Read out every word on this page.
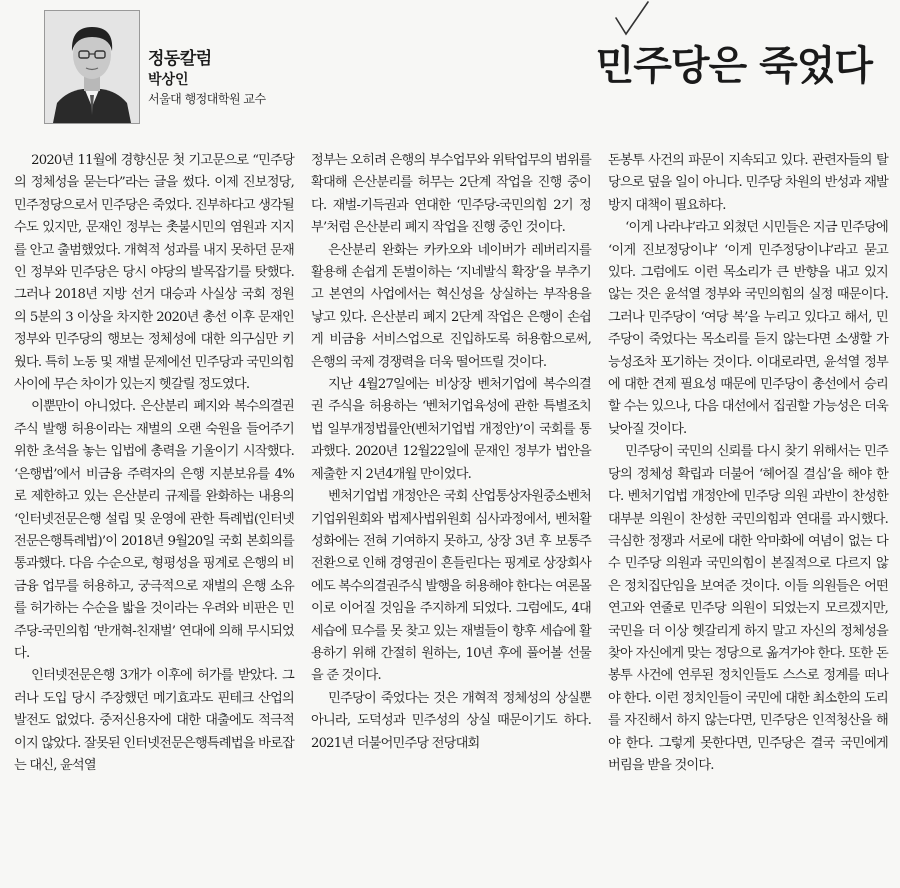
정동칼럼
박상인
서울대 행정대학원 교수
민주당은 죽었다

2020년 11월에 경향신문 첫 기고문으로 “민주당의 정체성을 묻는다”라는 글을 썼다. 이제 진보정당, 민주정당으로서 민주당은 죽었다. 진부하다고 생각될 수도 있지만, 문재인 정부는 촛불시민의 염원과 지지를 안고 출범했었다. 개혁적 성과를 내지 못하던 문재인 정부와 민주당은 당시 야당의 발목잡기를 탓했다. 그러나 2018년 지방 선거 대승과 사실상 국회 정원의 5분의 3 이상을 차지한 2020년 총선 이후 문재인 정부와 민주당의 행보는 정체성에 대한 의구심만 키웠다. 특히 노동 및 재벌 문제에선 민주당과 국민의힘 사이에 무슨 차이가 있는지 헷갈릴 정도였다.

이뿐만이 아니었다. 은산분리 폐지와 복수의결권 주식 발행 허용이라는 재벌의 오랜 숙원을 들어주기 위한 초석을 놓는 입법에 총력을 기울이기 시작했다. ‘은행법’에서 비금융 주력자의 은행 지분보유를 4%로 제한하고 있는 은산분리 규제를 완화하는 내용의 ‘인터넷전문은행 설립 및 운영에 관한 특례법(인터넷전문은행특례법)’이 2018년 9월20일 국회 본회의를 통과했다. 다음 수순으로, 형평성을 핑계로 은행의 비금융 업무를 허용하고, 궁극적으로 재벌의 은행 소유를 허가하는 수순을 밟을 것이라는 우려와 비판은 민주당-국민의힘 ‘반개혁-친재벌’ 연대에 의해 무시되었다.

인터넷전문은행 3개가 이후에 허가를 받았다. 그러나 도입 당시 주장했던 메기효과도 핀테크 산업의 발전도 없었다. 중저신용자에 대한 대출에도 적극적이지 않았다. 잘못된 인터넷전문은행특례법을 바로잡는 대신, 윤석열

정부는 오히려 은행의 부수업무와 위탁업무의 범위를 확대해 은산분리를 허무는 2단계 작업을 진행 중이다. 재벌-기득권과 연대한 ‘민주당-국민의힘 2기 정부’처럼 은산분리 폐지 작업을 진행 중인 것이다.

은산분리 완화는 카카오와 네이버가 레버리지를 활용해 손쉽게 돈벌이하는 ‘지네발식 확장’을 부추기고 본연의 사업에서는 혁신성을 상실하는 부작용을 낳고 있다. 은산분리 폐지 2단계 작업은 은행이 손쉽게 비금융 서비스업으로 진입하도록 허용함으로써, 은행의 국제 경쟁력을 더욱 떨어뜨릴 것이다.

지난 4월27일에는 비상장 벤처기업에 복수의결권 주식을 허용하는 ‘벤처기업육성에 관한 특별조치법 일부개정법률안(벤처기업법 개정안)’이 국회를 통과했다. 2020년 12월22일에 문재인 정부가 법안을 제출한 지 2년4개월 만이었다.

벤처기업법 개정안은 국회 산업통상자원중소벤처기업위원회와 법제사법위원회 심사과정에서, 벤처활성화에는 전혀 기여하지 못하고, 상장 3년 후 보통주 전환으로 인해 경영권이 흔들린다는 핑계로 상장회사에도 복수의결권주식 발행을 허용해야 한다는 여론몰이로 이어질 것임을 주지하게 되었다. 그럼에도, 4대 세습에 묘수를 못 찾고 있는 재벌들이 향후 세습에 활용하기 위해 간절히 원하는, 10년 후에 풀어볼 선물을 준 것이다.

민주당이 죽었다는 것은 개혁적 정체성의 상실뿐 아니라, 도덕성과 민주성의 상실 때문이기도 하다. 2021년 더불어민주당 전당대회

돈봉투 사건의 파문이 지속되고 있다. 관련자들의 탈당으로 덮을 일이 아니다. 민주당 차원의 반성과 재발 방지 대책이 필요하다.

‘이게 나라냐’라고 외쳤던 시민들은 지금 민주당에 ‘이게 진보정당이냐’ ‘이게 민주정당이냐’라고 묻고 있다. 그럼에도 이런 목소리가 큰 반향을 내고 있지 않는 것은 윤석열 정부와 국민의힘의 실정 때문이다. 그러나 민주당이 ‘여당 복’을 누리고 있다고 해서, 민주당이 죽었다는 목소리를 듣지 않는다면 소생할 가능성조차 포기하는 것이다. 이대로라면, 윤석열 정부에 대한 견제 필요성 때문에 민주당이 총선에서 승리할 수는 있으나, 다음 대선에서 집권할 가능성은 더욱 낮아질 것이다.

민주당이 국민의 신뢰를 다시 찾기 위해서는 민주당의 정체성 확립과 더불어 ‘헤어질 결심’을 해야 한다. 벤처기업법 개정안에 민주당 의원 과반이 찬성한 대부분 의원이 찬성한 국민의힘과 연대를 과시했다. 극심한 정쟁과 서로에 대한 악마화에 여념이 없는 다수 민주당 의원과 국민의힘이 본질적으로 다르지 않은 정치집단임을 보여준 것이다. 이들 의원들은 어떤 연고와 연줄로 민주당 의원이 되었는지 모르겠지만, 국민을 더 이상 헷갈리게 하지 말고 자신의 정체성을 찾아 자신에게 맞는 정당으로 옮겨가야 한다. 또한 돈봉투 사건에 연루된 정치인들도 스스로 정계를 떠나야 한다. 이런 정치인들이 국민에 대한 최소한의 도리를 자진해서 하지 않는다면, 민주당은 인적청산을 해야 한다. 그렇게 못한다면, 민주당은 결국 국민에게 버림을 받을 것이다.
